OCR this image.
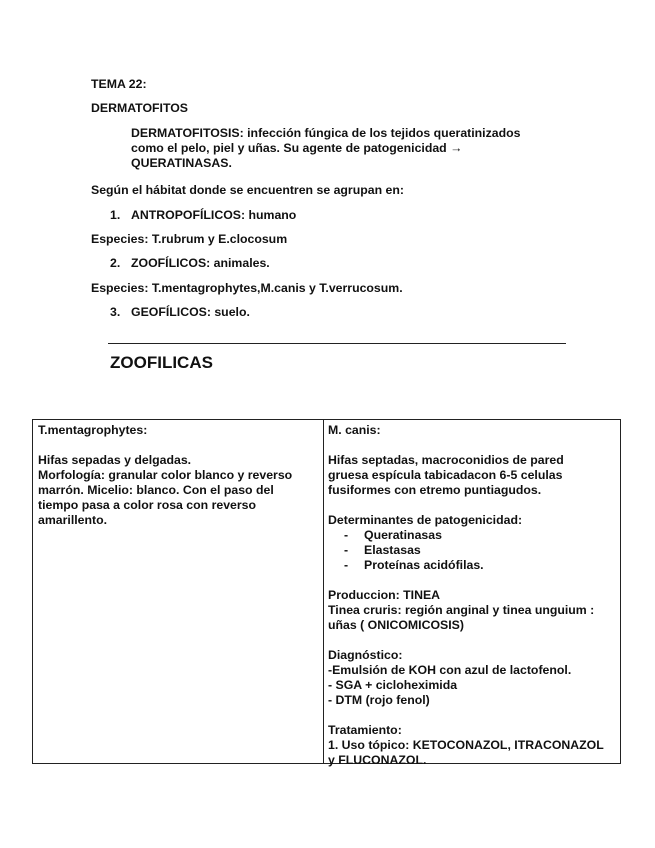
TEMA 22:
DERMATOFITOS
DERMATOFITOSIS: infección fúngica de los tejidos queratinizados
como el pelo, piel y uñas. Su agente de patogenicidad →
QUERATINASAS.
Según el hábitat donde se encuentren se agrupan en:
1. ANTROPOFÍLICOS: humano
Especies: T.rubrum y E.clocosum
2. ZOOFÍLICOS: animales.
Especies: T.mentagrophytes,M.canis y T.verrucosum.
3. GEOFÍLICOS: suelo.
ZOOFILICAS
T.mentagrophytes:
Hifas sepadas y delgadas.
Morfología: granular color blanco y reverso
marrón. Micelio: blanco. Con el paso del
tiempo pasa a color rosa con reverso
amarillento.
M. canis:
Hifas septadas, macroconidios de pared
gruesa espícula tabicadacon 6-5 celulas
fusiformes con etremo puntiagudos.
Determinantes de patogenicidad:
- Queratinasas
- Elastasas
- Proteínas acidófilas.
Produccion: TINEA
Tinea cruris: región anginal y tinea unguium :
uñas ( ONICOMICOSIS)
Diagnóstico:
-Emulsión de KOH con azul de lactofenol.
- SGA + cicloheximida
- DTM (rojo fenol)
Tratamiento:
1. Uso tópico: KETOCONAZOL, ITRACONAZOL
y FLUCONAZOL.
